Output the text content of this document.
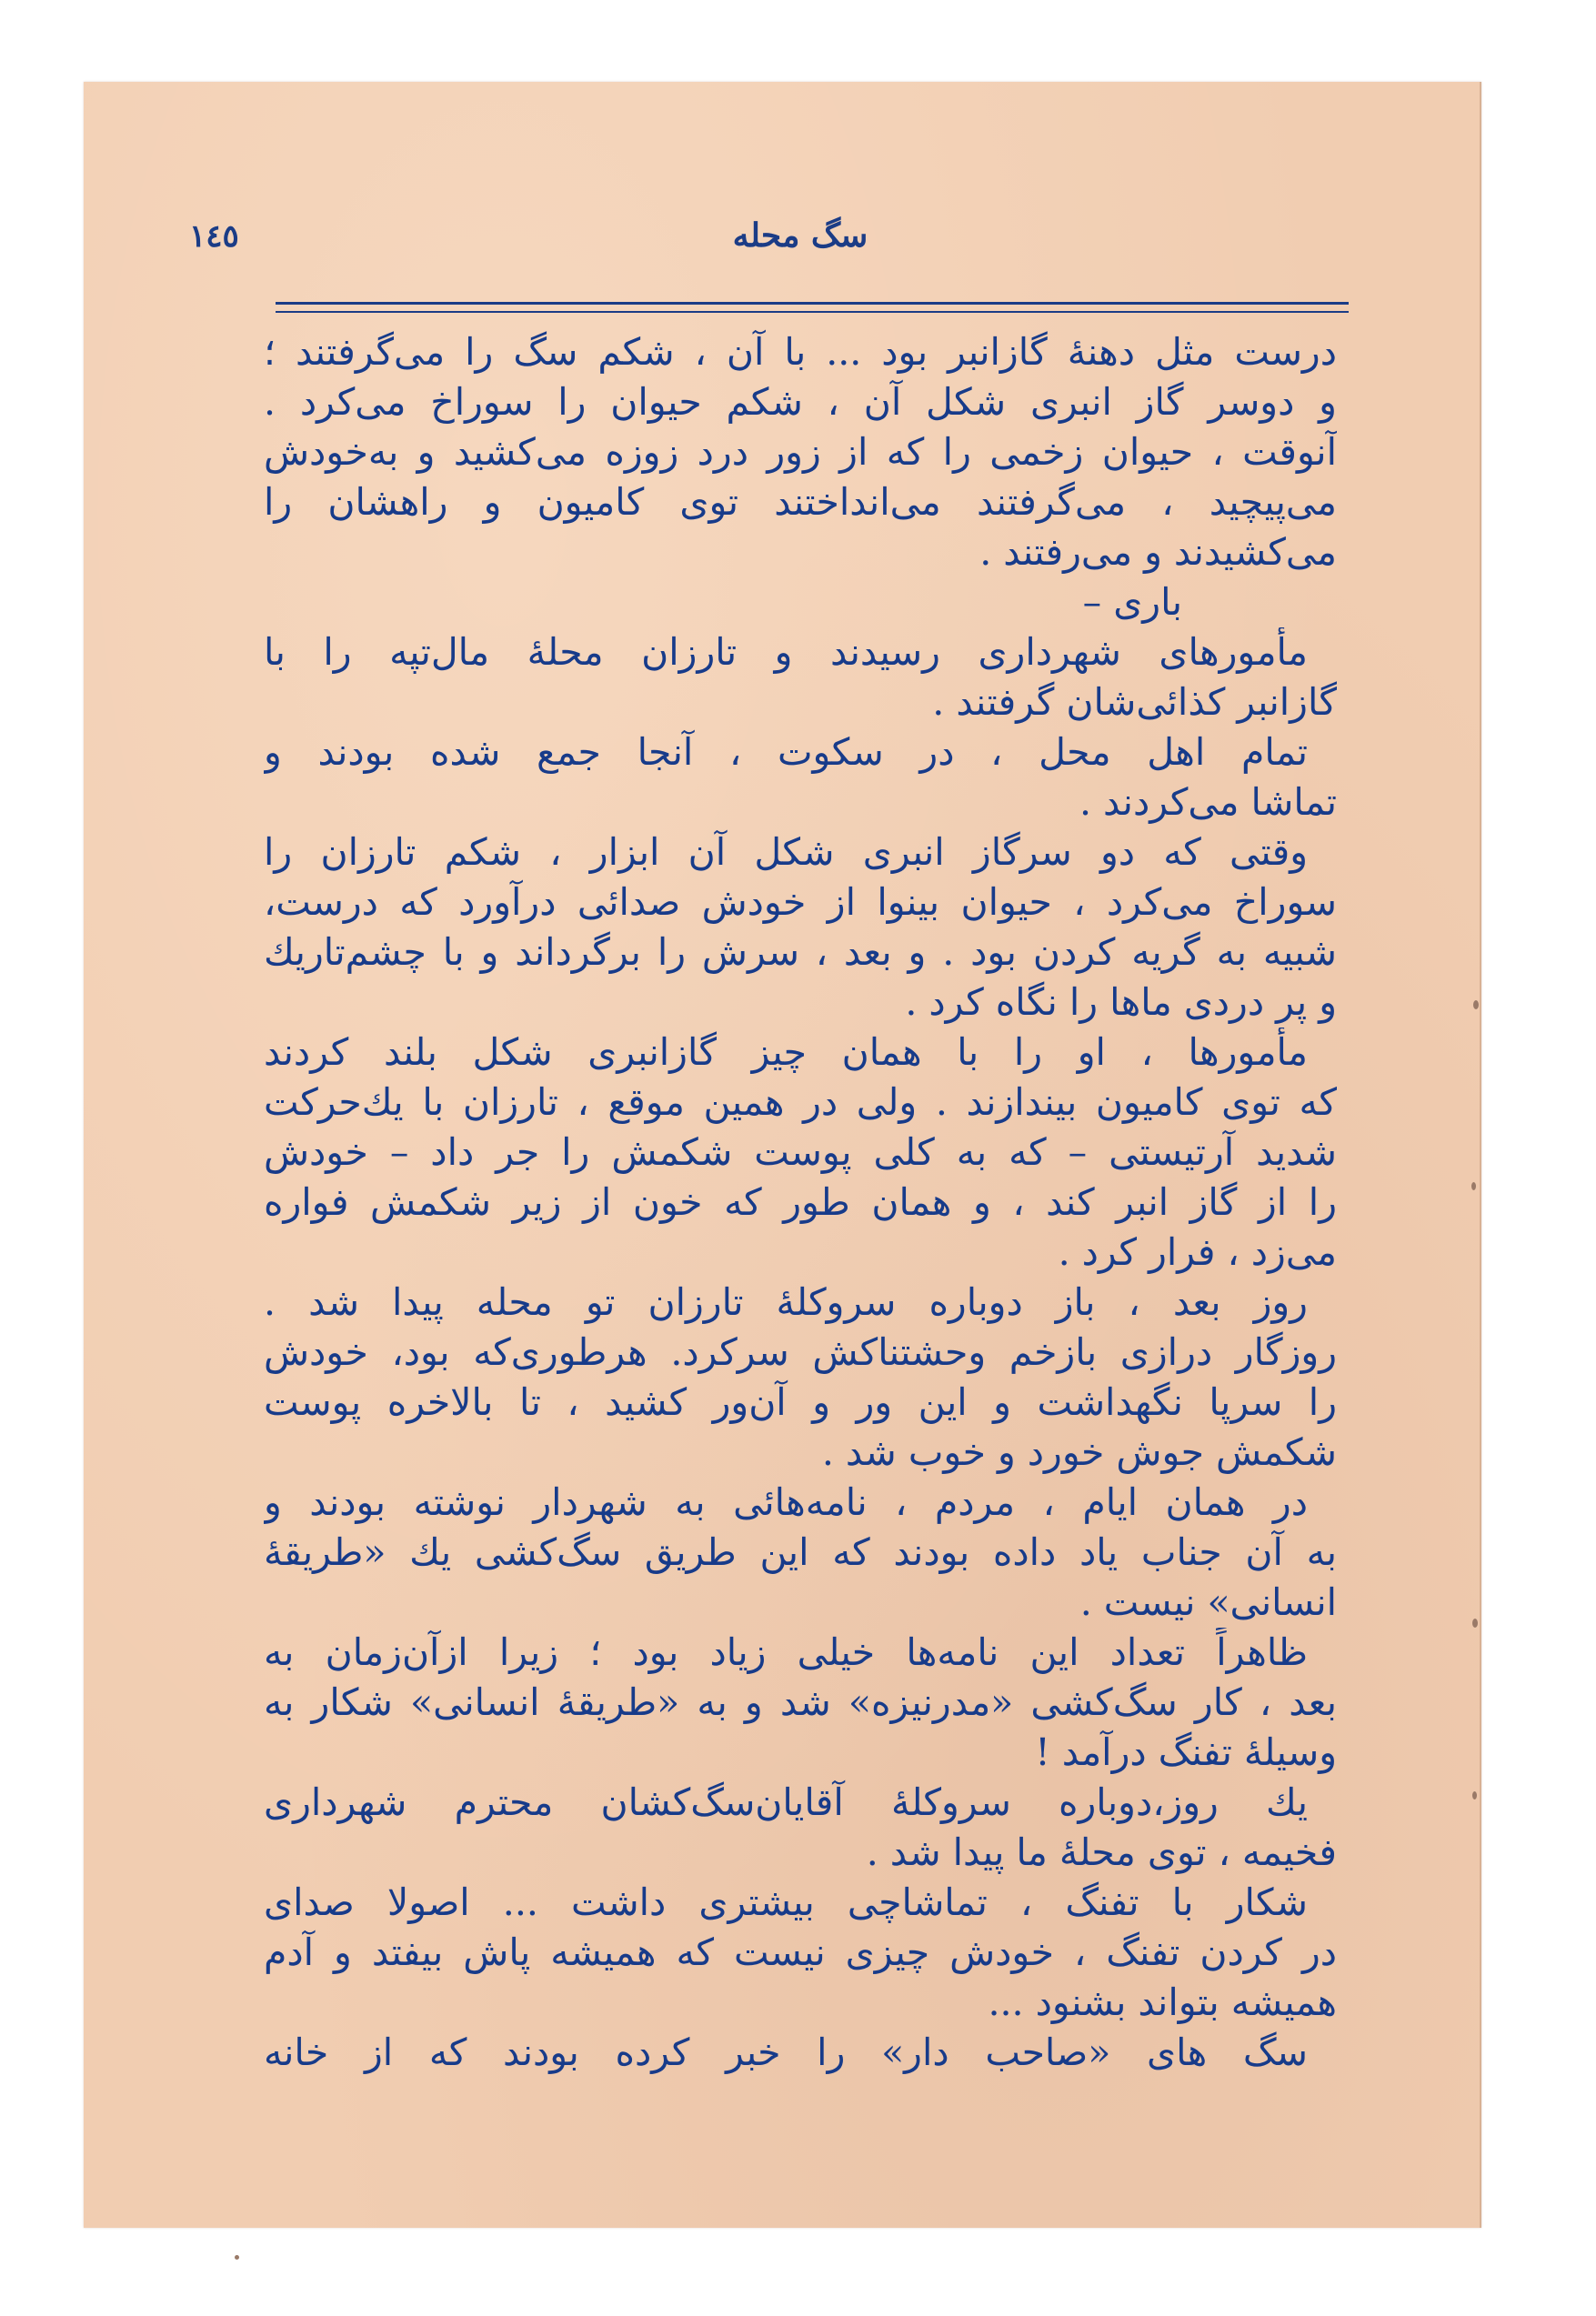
١٤٥	سگ محله
درست مثل دهنهٔ گازانبر بود ... با آن ، شکم سگ را می‌گرفتند ؛
و دوسر گاز انبری شکل آن ، شکم حیوان را سوراخ می‌کرد .
آنوقت ، حیوان زخمی را که از زور درد زوزه می‌کشید و به‌خودش
می‌پیچید ، می‌گرفتند می‌انداختند توی کامیون و راهشان را
می‌کشیدند و می‌رفتند .
باری –
مأمورهای شهرداری رسیدند و تارزان محلهٔ مال‌تپه را با
گازانبر کذائی‌شان گرفتند .
تمام اهل محل ، در سکوت ، آنجا جمع شده بودند و
تماشا می‌کردند .
وقتی که دو سرگاز انبری شکل آن ابزار ، شکم تارزان را
سوراخ می‌کرد ، حیوان بینوا از خودش صدائی درآورد که درست،
شبیه به گریه کردن بود . و بعد ، سرش را برگرداند و با چشم‌تاریك
و پر دردی ماها را نگاه کرد .
مأمورها ، او را با همان چیز گازانبری شکل بلند کردند
که توی کامیون بیندازند . ولی در همین موقع ، تارزان با یك‌حرکت
شدید آرتیستی – که به کلی پوست شکمش را جر داد – خودش
را از گاز انبر کند ، و همان طور که خون از زیر شکمش فواره
می‌زد ، فرار کرد .
روز بعد ، باز دوباره سروکلهٔ تارزان تو محله پیدا شد .
روزگار درازی بازخم وحشتناکش سرکرد. هرطوری‌که بود، خودش
را سرپا نگهداشت و این ور و آن‌ور کشید ، تا بالاخره پوست
شکمش جوش خورد و خوب شد .
در همان ایام ، مردم ، نامه‌هائی به شهردار نوشته بودند و
به آن جناب یاد داده بودند که این طریق سگ‌کشی یك «طریقهٔ
انسانی» نیست .
ظاهراً تعداد این نامه‌ها خیلی زیاد بود ؛ زیرا ازآن‌زمان به
بعد ، کار سگ‌کشی «مدرنیزه» شد و به «طریقهٔ انسانی» شکار به
وسیلهٔ تفنگ درآمد !
یك روز،دوباره سروکلهٔ آقایان‌سگ‌کشان محترم شهرداری
فخیمه ، توی محلهٔ ما پیدا شد .
شکار با تفنگ ، تماشاچی بیشتری داشت ... اصولا صدای
در کردن تفنگ ، خودش چیزی نیست که همیشه پاش بیفتد و آدم
همیشه بتواند بشنود ...
سگ های «صاحب دار» را خبر کرده بودند که از خانه
